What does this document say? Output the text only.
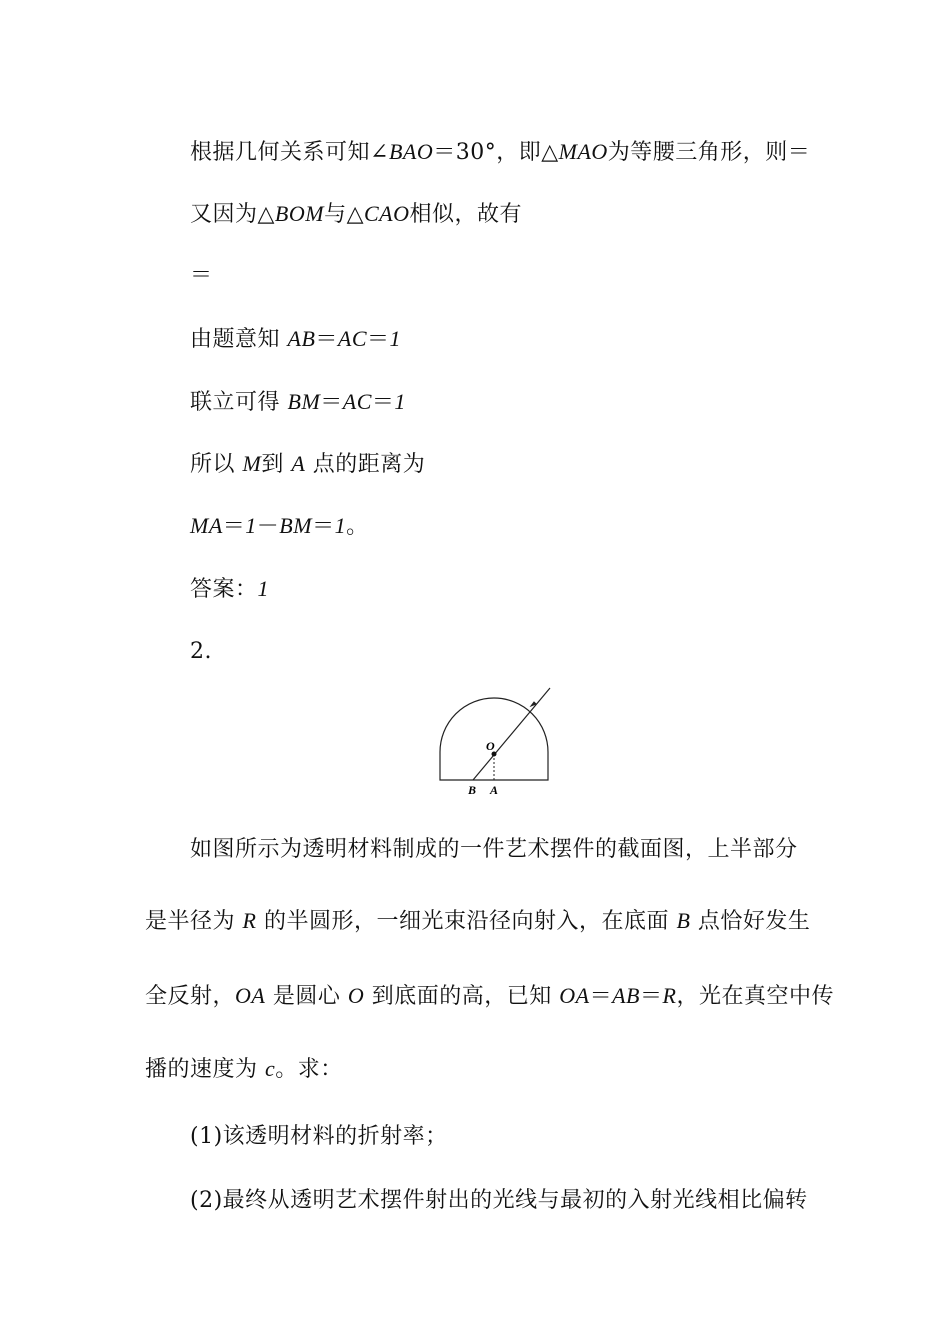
根据几何关系可知∠BAO＝30°，即△MAO为等腰三角形，则＝
又因为△BOM与△CAO相似，故有
＝
由题意知 AB＝AC＝1
联立可得 BM＝AC＝1
所以 M到 A 点的距离为
MA＝1－BM＝1。
答案：1
2.
O
B A
如图所示为透明材料制成的一件艺术摆件的截面图，上半部分
是半径为 R 的半圆形，一细光束沿径向射入，在底面 B 点恰好发生
全反射，OA 是圆心 O 到底面的高，已知 OA＝AB＝R，光在真空中传
播的速度为 c。求：
(1)该透明材料的折射率；
(2)最终从透明艺术摆件射出的光线与最初的入射光线相比偏转
